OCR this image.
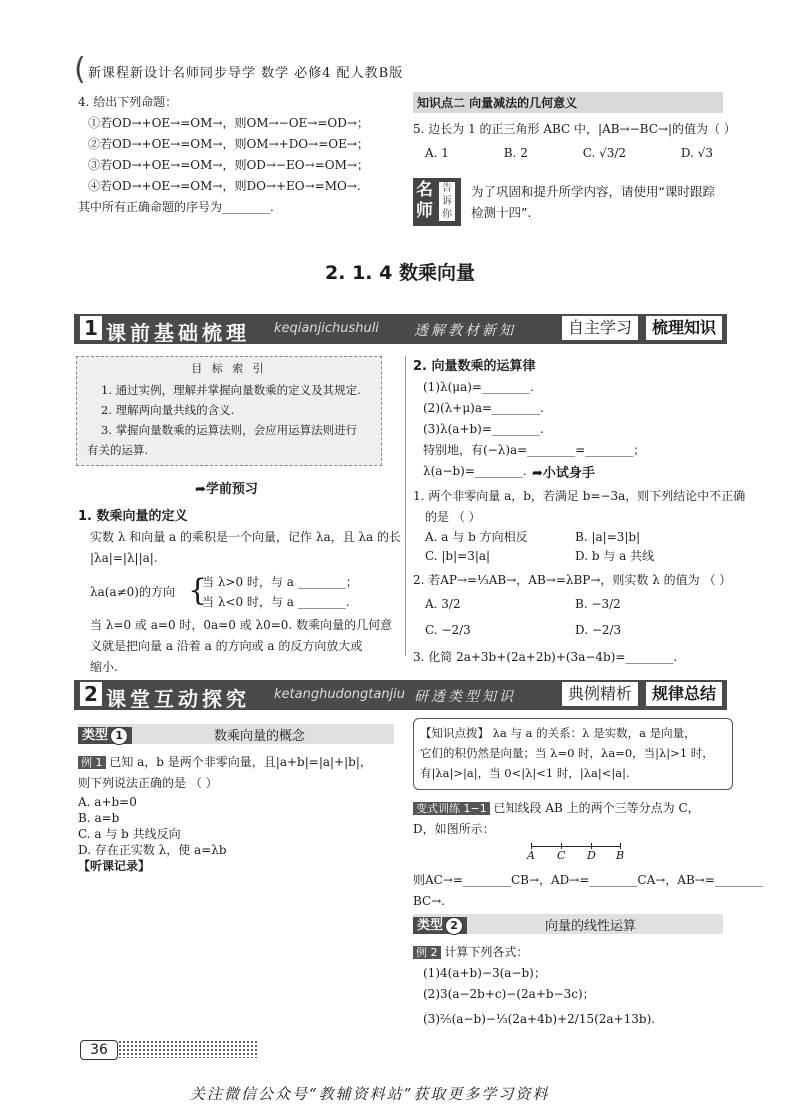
( 新课程新设计名师同步导学 数学 必修4 配人教B版
4. 给出下列命题：
①若OD→+OE→=OM→，则OM→−OE→=OD→；
②若OD→+OE→=OM→，则OM→+DO→=OE→；
③若OD→+OE→=OM→，则OD→−EO→=OM→；
④若OD→+OE→=OM→，则DO→+EO→=MO→.
其中所有正确命题的序号为________.
知识点二 向量减法的几何意义
5. 边长为 1 的正三角形 ABC 中，|AB→−BC→|的值为（ ）
A. 1	B. 2	C. √3/2	D. √3
名师
告诉你
为了巩固和提升所学内容，请使用“课时跟踪检测十四”.
2. 1. 4 数乘向量
1 课前基础梳理 keqianjichushuli	透解教材新知	自主学习	梳理知识
目 标 索 引
1. 通过实例，理解并掌握向量数乘的定义及其规定.
2. 理解两向量共线的含义.
3. 掌握向量数乘的运算法则，会应用运算法则进行
有关的运算.
➦学前预习
1. 数乘向量的定义
实数 λ 和向量 a 的乘积是一个向量，记作 λa，且 λa 的长
|λa|=|λ||a|.
λa(a≠0)的方向 {
当 λ>0 时，与 a ________；
当 λ<0 时，与 a ________.
当 λ=0 或 a=0 时，0a=0 或 λ0=0. 数乘向量的几何意
义就是把向量 a 沿着 a 的方向或 a 的反方向放大或
缩小.
2. 向量数乘的运算律
(1)λ(μa)=________.
(2)(λ+μ)a=________.
(3)λ(a+b)=________.
特别地，有(−λ)a=________=________；
λ(a−b)=________. ➦小试身手
1. 两个非零向量 a，b，若满足 b=−3a，则下列结论中不正确
的是 （ ）
A. a 与 b 方向相反	B. |a|=3|b|
C. |b|=3|a|	D. b 与 a 共线
2. 若AP→=⅓AB→，AB→=λBP→，则实数 λ 的值为 （ ）
A. 3/2	B. −3/2
C. −2/3	D. −2/3
3. 化简 2a+3b+(2a+2b)+(3a−4b)=________.
2 课堂互动探究 ketanghudongtanjiu 研透类型知识	典例精析	规律总结
类型 1	数乘向量的概念
例 1 已知 a，b 是两个非零向量，且|a+b|=|a|+|b|，
则下列说法正确的是 （ ）
A. a+b=0
B. a=b
C. a 与 b 共线反向
D. 存在正实数 λ，使 a=λb
【听课记录】
【知识点拨】 λa 与 a 的关系：λ 是实数，a 是向量，
它们的积仍然是向量；当 λ=0 时，λa=0，当|λ|>1 时，
有|λa|>|a|，当 0<|λ|<1 时，|λa|<|a|.
变式训练 1−1 已知线段 AB 上的两个三等分点为 C，
D，如图所示：
A C D B
则AC→=________CB→，AD→=________CA→，AB→=________
BC→.
类型 2	向量的线性运算
例 2 计算下列各式：
(1)4(a+b)−3(a−b)；
(2)3(a−2b+c)−(2a+b−3c)；
(3)⅖(a−b)−⅓(2a+4b)+2/15(2a+13b).
36
关注微信公众号“教辅资料站”获取更多学习资料
